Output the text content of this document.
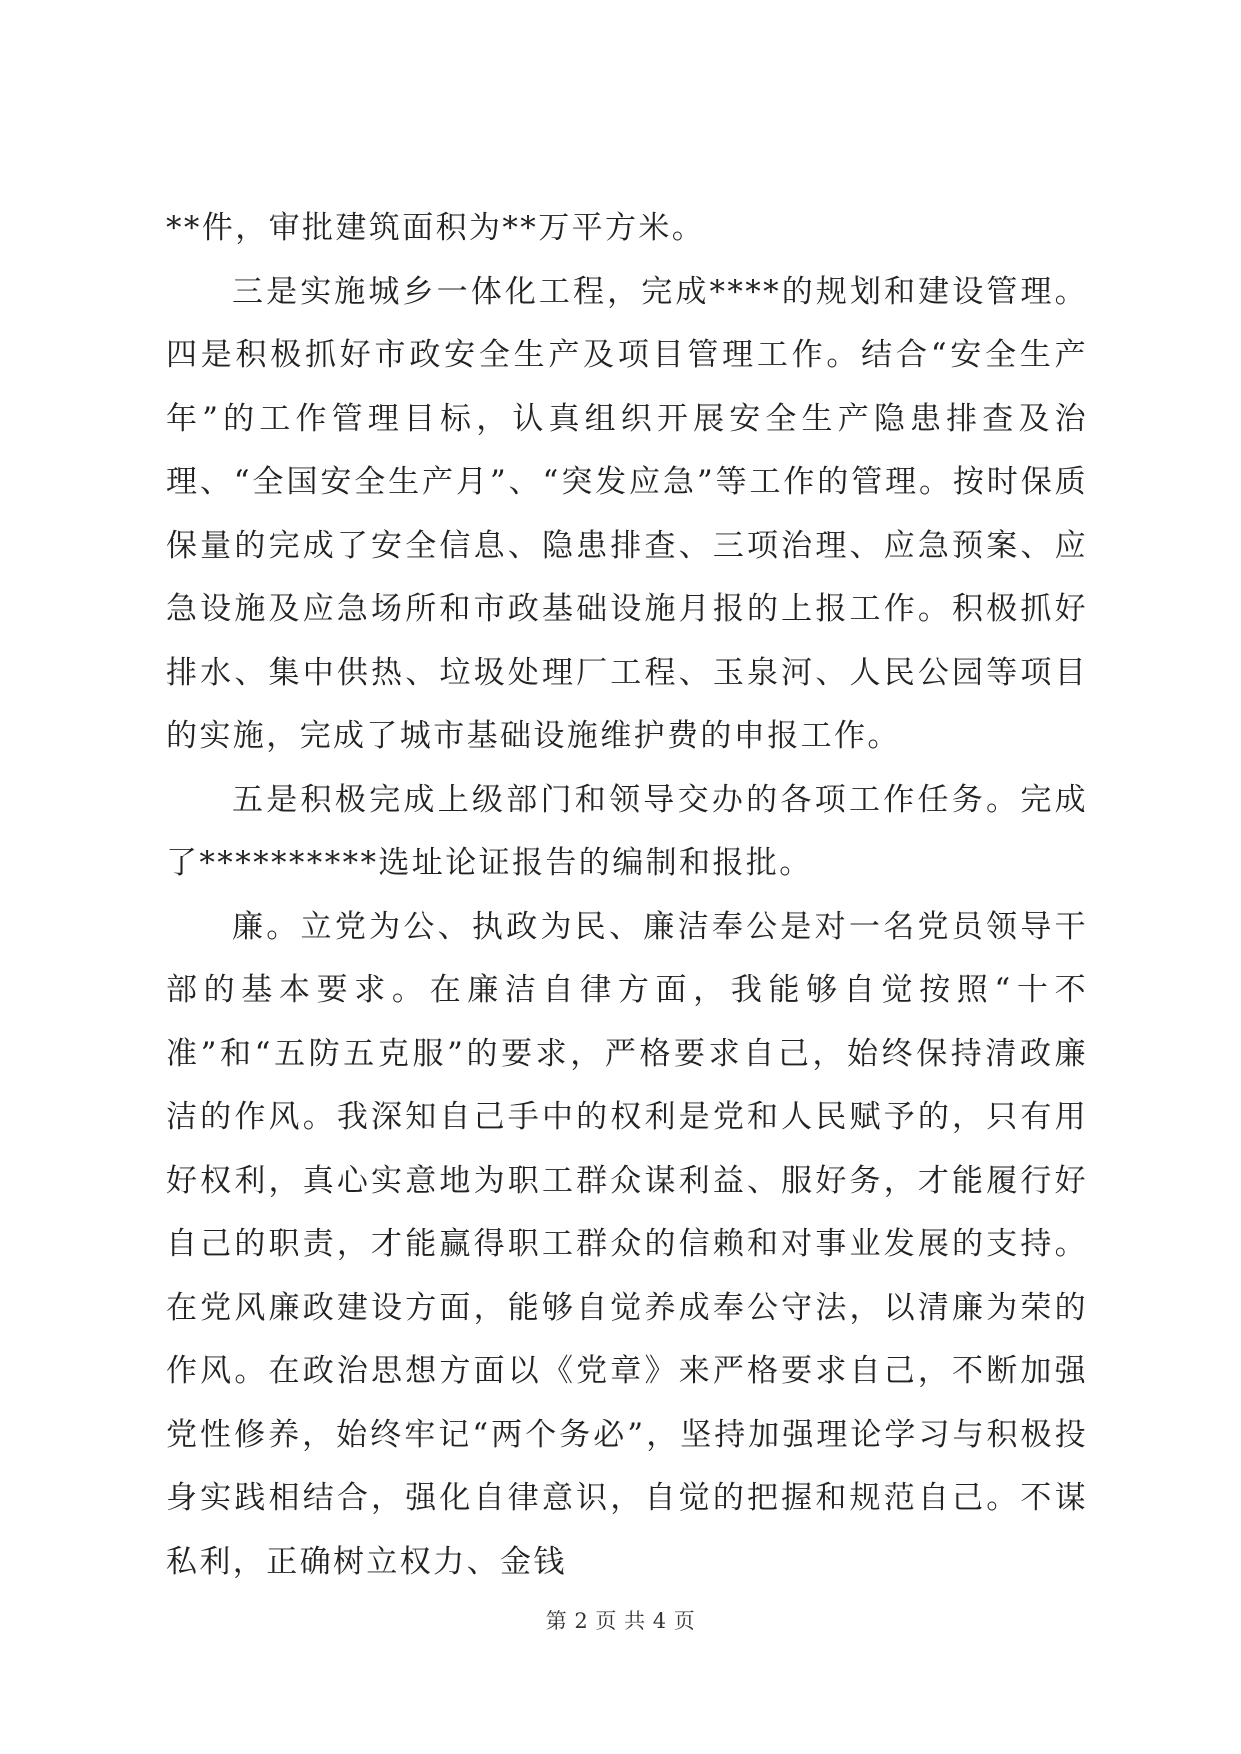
**件，审批建筑面积为**万平方米。

三是实施城乡一体化工程，完成****的规划和建设管理。四是积极抓好市政安全生产及项目管理工作。结合“安全生产年”的工作管理目标，认真组织开展安全生产隐患排查及治理、“全国安全生产月”、“突发应急”等工作的管理。按时保质保量的完成了安全信息、隐患排查、三项治理、应急预案、应急设施及应急场所和市政基础设施月报的上报工作。积极抓好排水、集中供热、垃圾处理厂工程、玉泉河、人民公园等项目的实施，完成了城市基础设施维护费的申报工作。

五是积极完成上级部门和领导交办的各项工作任务。完成了**********选址论证报告的编制和报批。

廉。立党为公、执政为民、廉洁奉公是对一名党员领导干部的基本要求。在廉洁自律方面，我能够自觉按照“十不准”和“五防五克服”的要求，严格要求自己，始终保持清政廉洁的作风。我深知自己手中的权利是党和人民赋予的，只有用好权利，真心实意地为职工群众谋利益、服好务，才能履行好自己的职责，才能赢得职工群众的信赖和对事业发展的支持。在党风廉政建设方面，能够自觉养成奉公守法，以清廉为荣的作风。在政治思想方面以《党章》来严格要求自己，不断加强党性修养，始终牢记“两个务必”，坚持加强理论学习与积极投身实践相结合，强化自律意识，自觉的把握和规范自己。不谋私利，正确树立权力、金钱

第 2 页 共 4 页
